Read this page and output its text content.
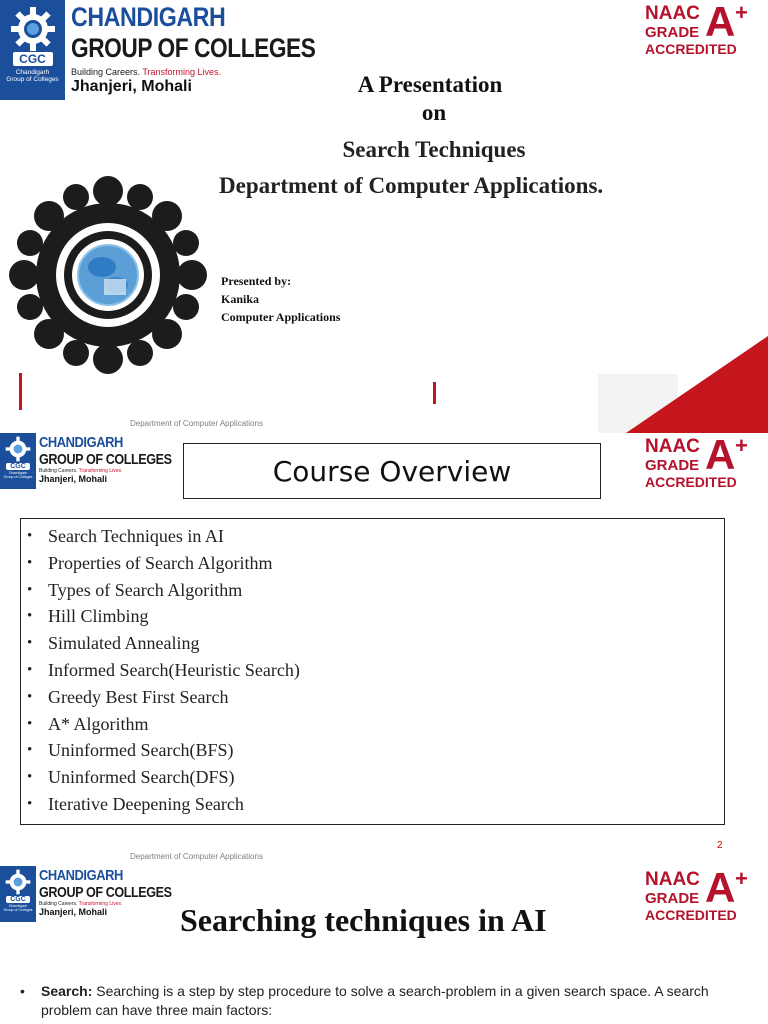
CGC
Chandigarh
Group of Colleges
CHANDIGARH
GROUP OF COLLEGES
Building Careers. Transforming Lives.
Jhanjeri, Mohali
NAAC
GRADE
ACCREDITED
A +
A Presentation
on
Search Techniques
Department of Computer Applications.
Presented by:
Kanika
Computer Applications
Department of Computer Applications
CGC
Chandigarh
Group of Colleges
CHANDIGARH
GROUP OF COLLEGES
Building Careers. Transforming Lives.
Jhanjeri, Mohali
NAAC
GRADE
ACCREDITED
A +
Course Overview
• Search Techniques in AI
• Properties of Search Algorithm
• Types of Search Algorithm
• Hill Climbing
• Simulated Annealing
• Informed Search(Heuristic Search)
• Greedy Best First Search
• A* Algorithm
• Uninformed Search(BFS)
• Uninformed Search(DFS)
• Iterative Deepening Search
Department of Computer Applications
2
CGC
Chandigarh
Group of Colleges
CHANDIGARH
GROUP OF COLLEGES
Building Careers. Transforming Lives.
Jhanjeri, Mohali
NAAC
GRADE
ACCREDITED
A +
Searching techniques in AI
• Search: Searching is a step by step procedure to solve a search-problem in a given search space. A search problem can have three main factors:
